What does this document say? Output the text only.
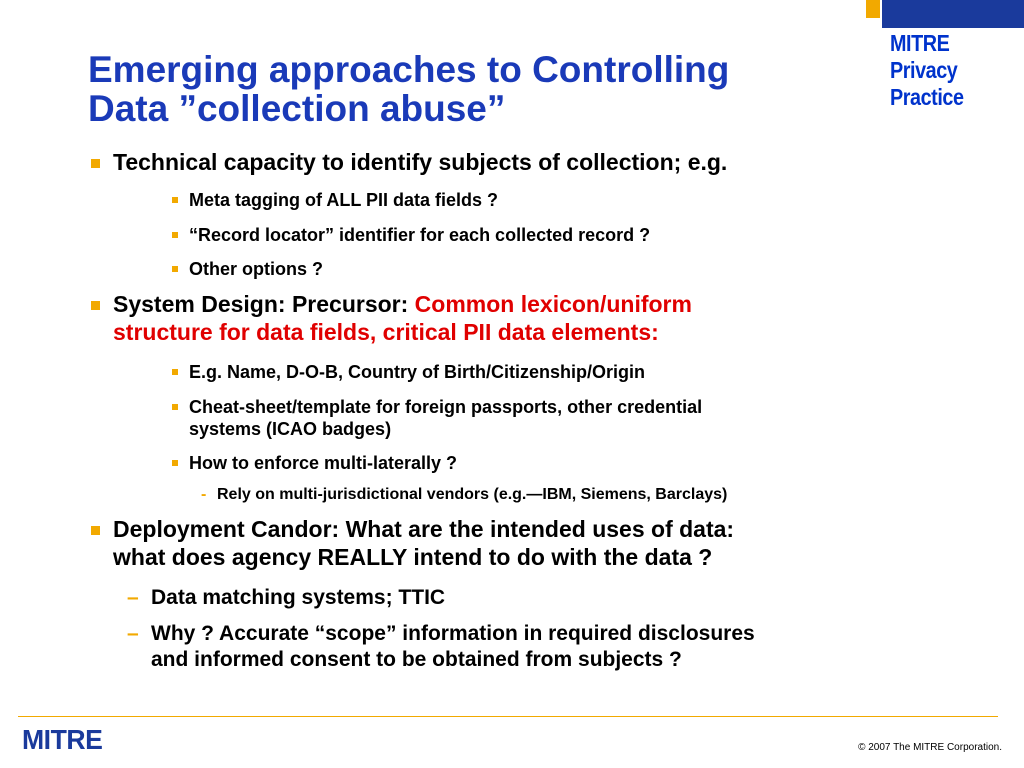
MITRE
Privacy
Practice
Emerging approaches to Controlling
Data ”collection abuse”
Technical capacity to identify subjects of collection; e.g.
Meta tagging of ALL PII data fields ?
“Record locator” identifier for each collected record ?
Other options ?
System Design: Precursor: Common lexicon/uniform
structure for data fields, critical PII data elements:
E.g. Name, D-O-B, Country of Birth/Citizenship/Origin
Cheat-sheet/template for foreign passports, other credential
systems (ICAO badges)
How to enforce multi-laterally ?
- Rely on multi-jurisdictional vendors (e.g.—IBM, Siemens, Barclays)
Deployment Candor: What are the intended uses of data:
what does agency REALLY intend to do with the data ?
– Data matching systems; TTIC
– Why ? Accurate “scope” information in required disclosures
and informed consent to be obtained from subjects ?
MITRE	© 2007 The MITRE Corporation.
